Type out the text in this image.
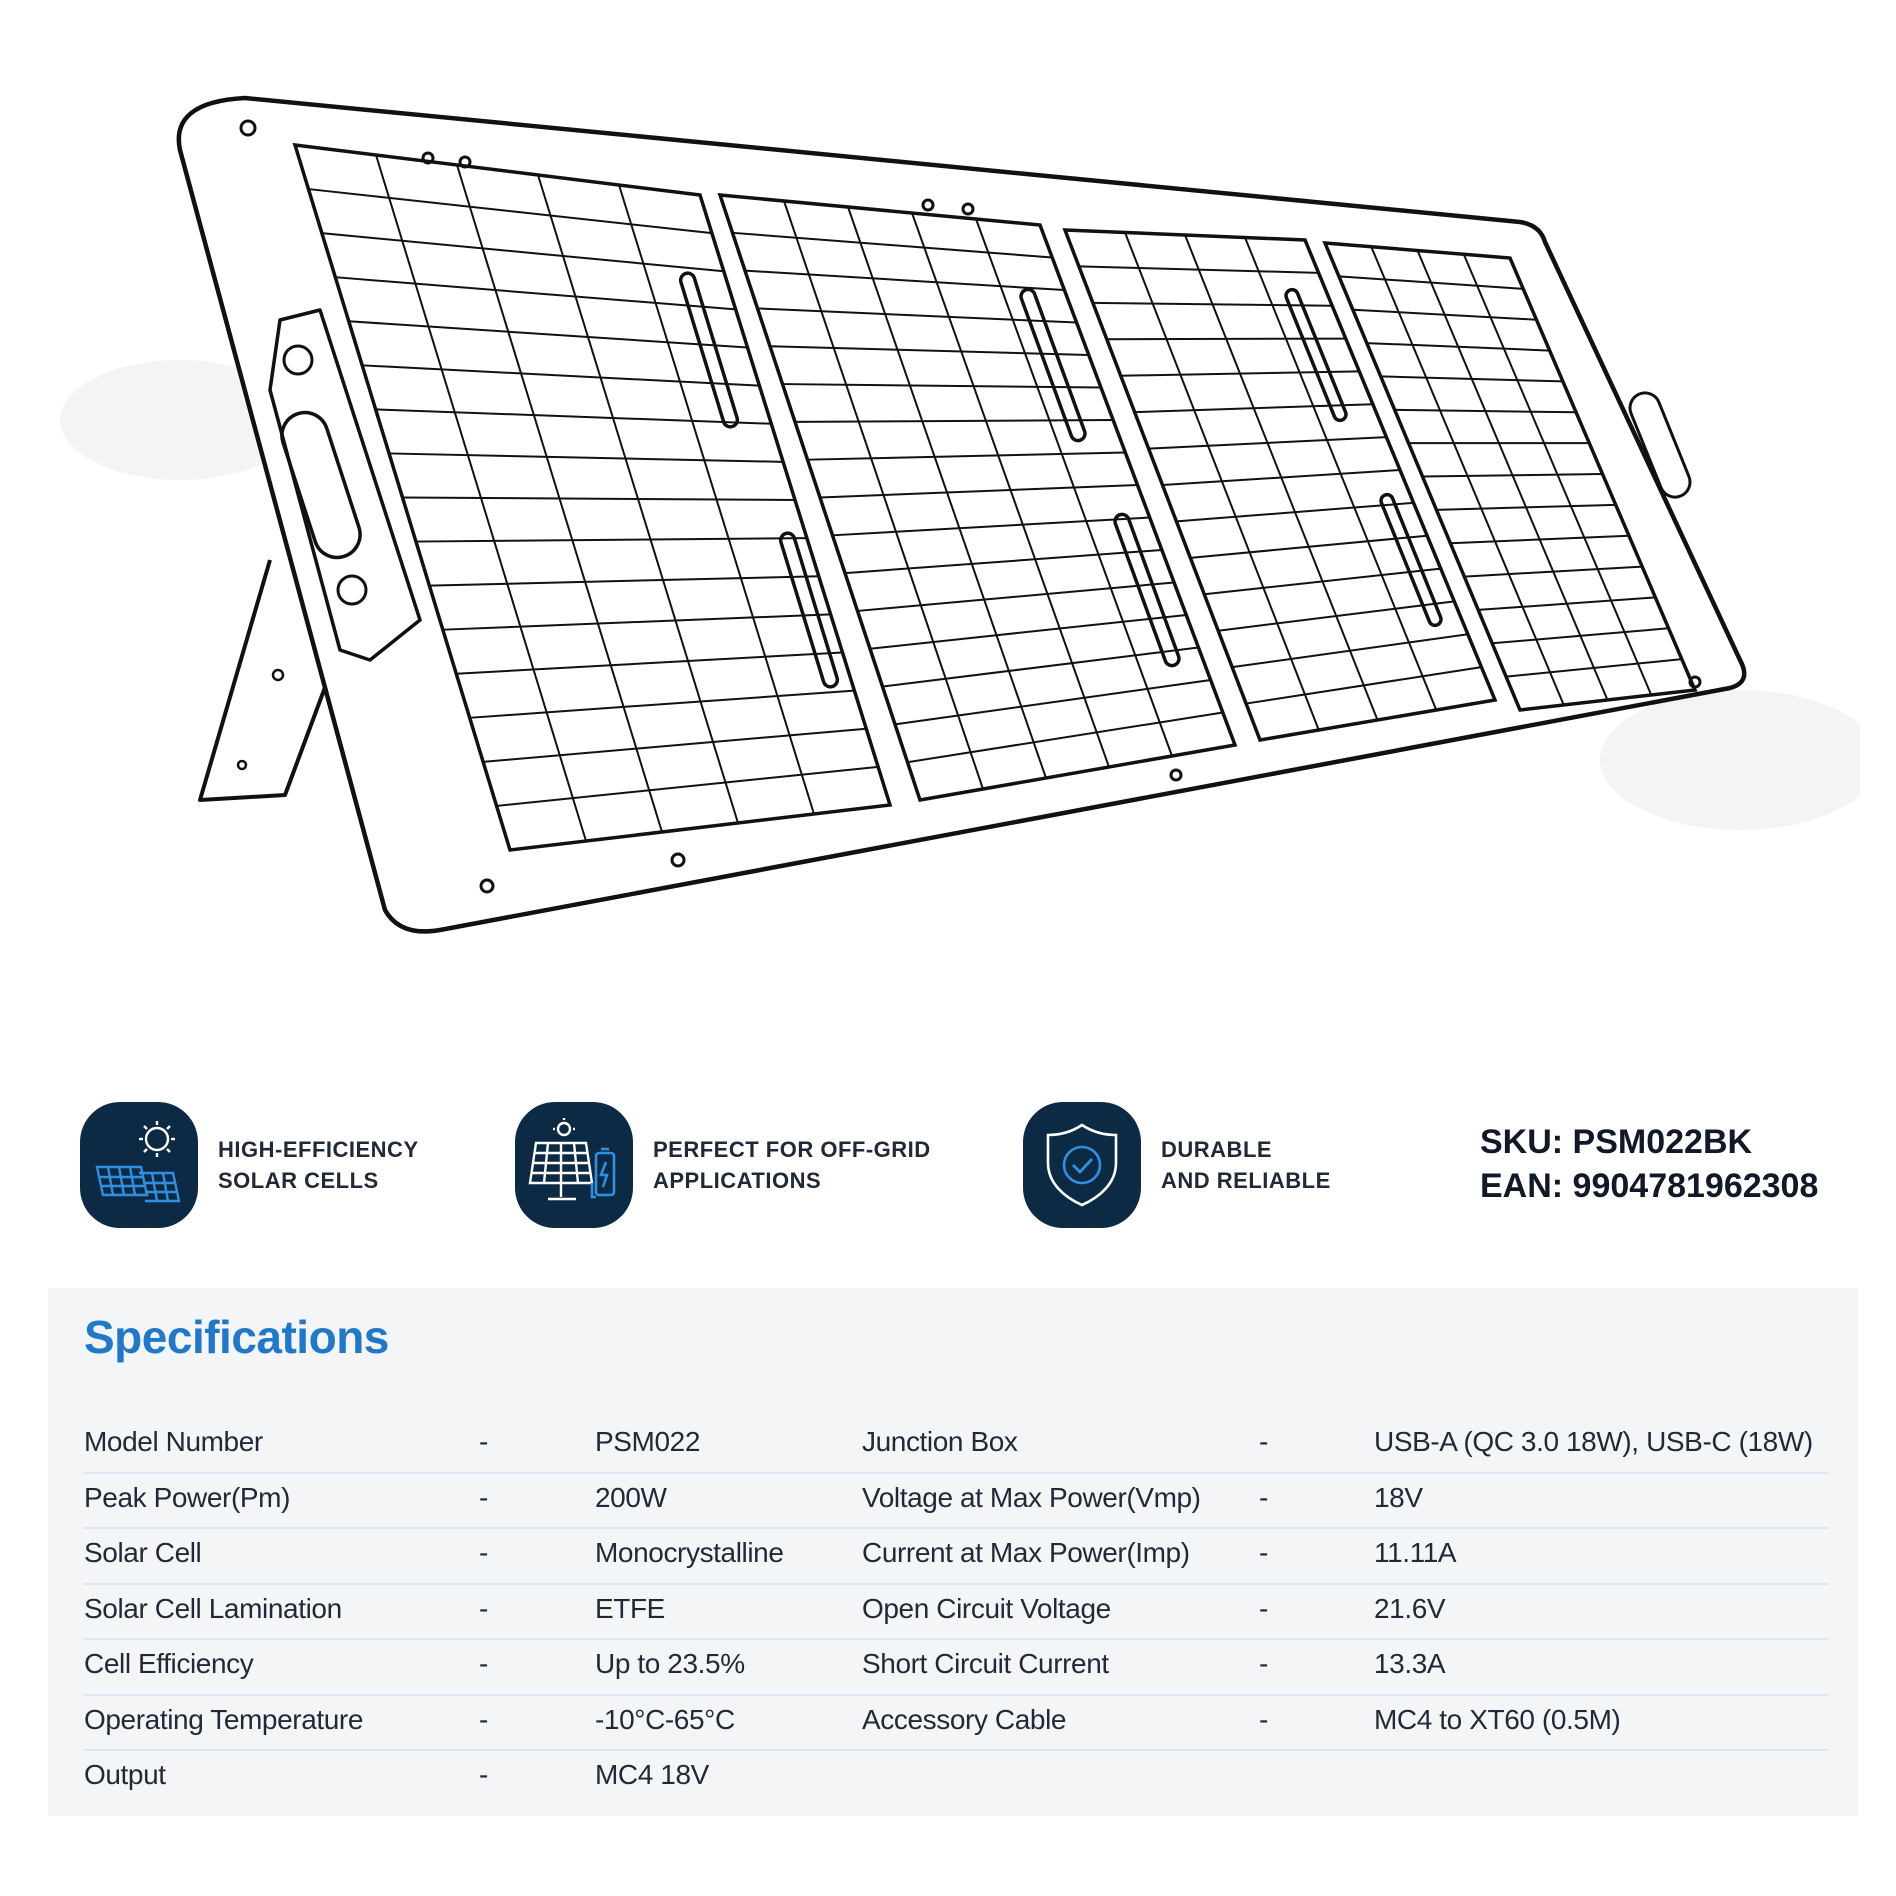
HIGH-EFFICIENCY
SOLAR CELLS
PERFECT FOR OFF-GRID
APPLICATIONS
DURABLE
AND RELIABLE
SKU: PSM022BK
EAN: 9904781962308
Specifications
Model Number	-	PSM022	Junction Box	-	USB-A (QC 3.0 18W), USB-C (18W)
Peak Power(Pm)	-	200W	Voltage at Max Power(Vmp) -	18V
Solar Cell	-	Monocrystalline	Current at Max Power(Imp) -	11.11A
Solar Cell Lamination	-	ETFE	Open Circuit Voltage	-	21.6V
Cell Efficiency	-	Up to 23.5%	Short Circuit Current	-	13.3A
Operating Temperature	-	-10°C-65°C	Accessory Cable	-	MC4 to XT60 (0.5M)
Output	-	MC4 18V
